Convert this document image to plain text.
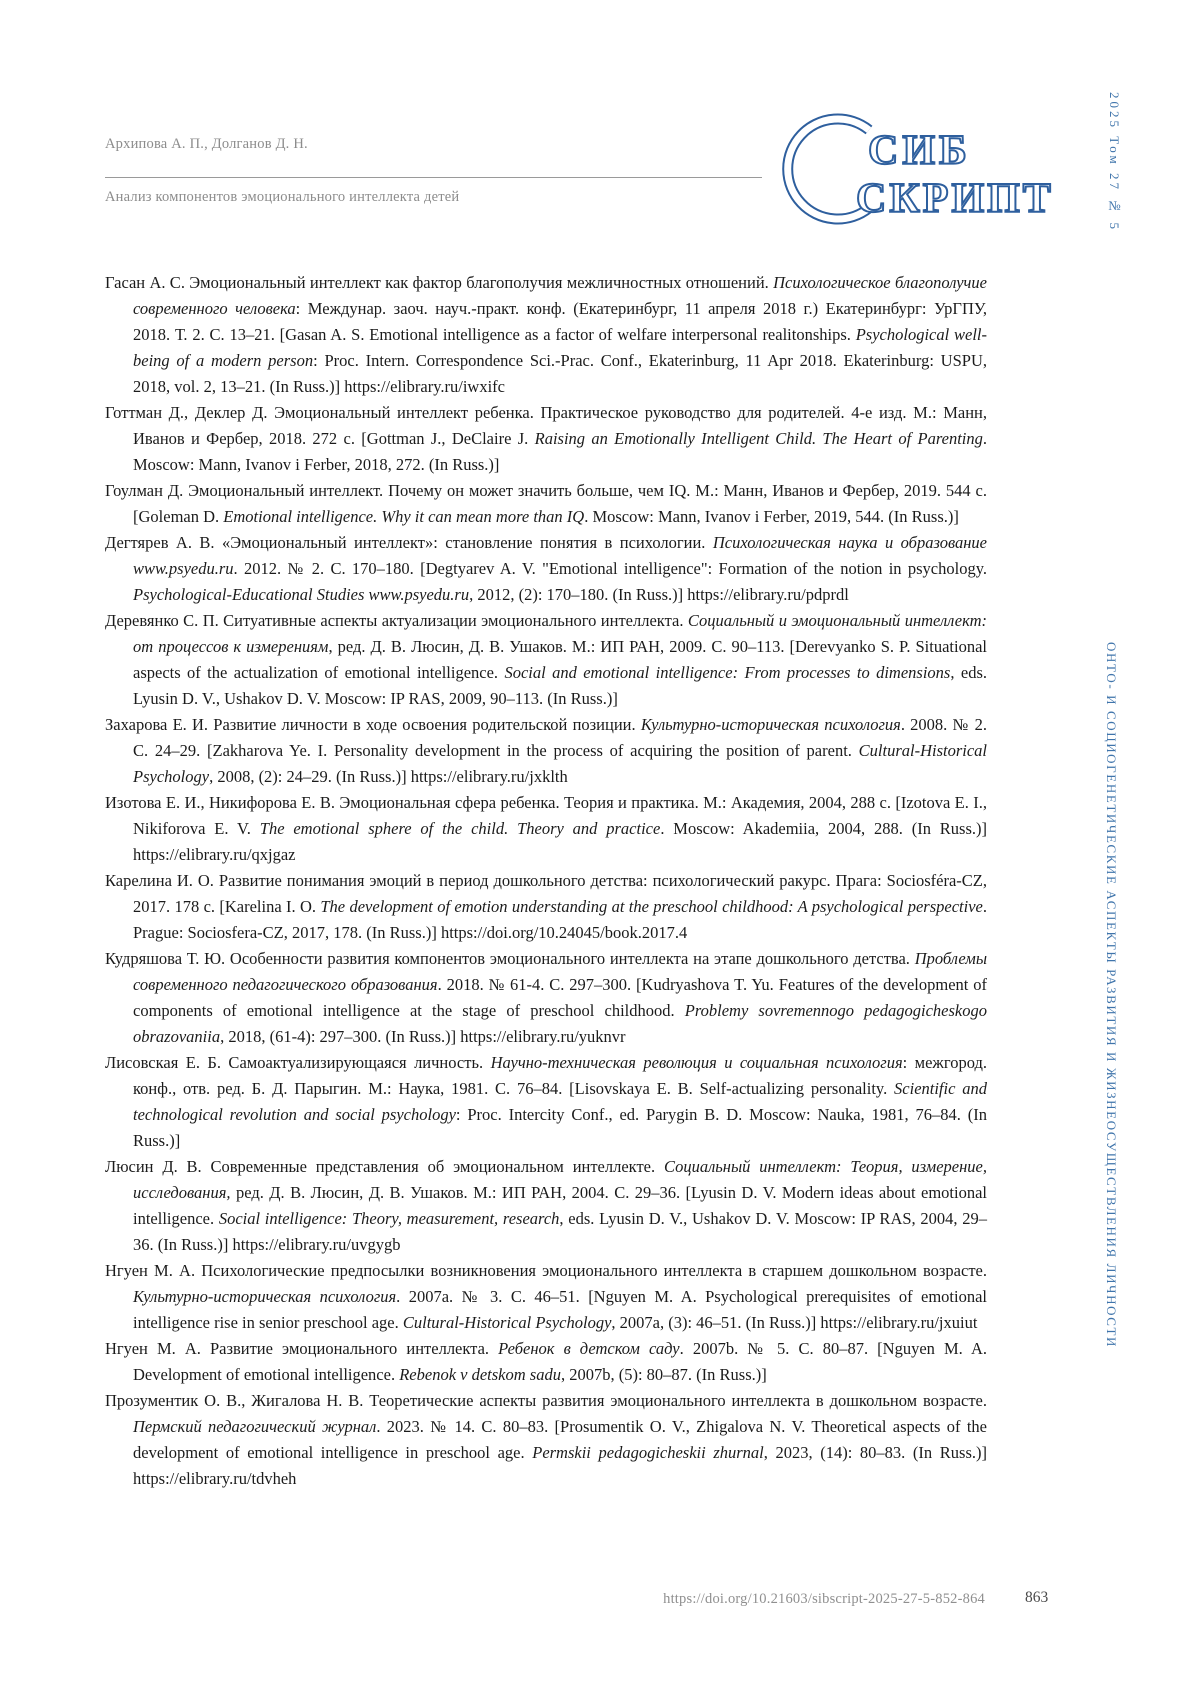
Архипова А. П., Долганов Д. Н.
Анализ компонентов эмоционального интеллекта детей
СИБ
СКРИПТ	2025 Том 27 № 5
ОНТО- И СОЦИОГЕНЕТИЧЕСКИЕ АСПЕКТЫ РАЗВИТИЯ И ЖИЗНЕОСУЩЕСТВЛЕНИЯ ЛИЧНОСТИ

Гасан А. С. Эмоциональный интеллект как фактор благополучия межличностных отношений. Психологическое благополучие современного человека: Междунар. заоч. науч.-практ. конф. (Екатеринбург, 11 апреля 2018 г.) Екатеринбург: УрГПУ, 2018. Т. 2. С. 13–21. [Gasan A. S. Emotional intelligence as a factor of welfare interpersonal realitonships. Psychological well-being of a modern person: Proc. Intern. Correspondence Sci.-Prac. Conf., Ekaterinburg, 11 Apr 2018. Ekaterinburg: USPU, 2018, vol. 2, 13–21. (In Russ.)] https://elibrary.ru/iwxifc

Готтман Д., Деклер Д. Эмоциональный интеллект ребенка. Практическое руководство для родителей. 4-е изд. М.: Манн, Иванов и Фербер, 2018. 272 с. [Gottman J., DeClaire J. Raising an Emotionally Intelligent Child. The Heart of Parenting. Moscow: Mann, Ivanov i Ferber, 2018, 272. (In Russ.)]

Гоулман Д. Эмоциональный интеллект. Почему он может значить больше, чем IQ. М.: Манн, Иванов и Фербер, 2019. 544 с. [Goleman D. Emotional intelligence. Why it can mean more than IQ. Moscow: Mann, Ivanov i Ferber, 2019, 544. (In Russ.)]

Дегтярев А. В. «Эмоциональный интеллект»: становление понятия в психологии. Психологическая наука и образование www.psyedu.ru. 2012. № 2. С. 170–180. [Degtyarev A. V. "Emotional intelligence": Formation of the notion in psychology. Psychological-Educational Studies www.psyedu.ru, 2012, (2): 170–180. (In Russ.)] https://elibrary.ru/pdprdl

Деревянко С. П. Ситуативные аспекты актуализации эмоционального интеллекта. Социальный и эмоциональный интеллект: от процессов к измерениям, ред. Д. В. Люсин, Д. В. Ушаков. М.: ИП РАН, 2009. С. 90–113. [Derevyanko S. P. Situational aspects of the actualization of emotional intelligence. Social and emotional intelligence: From processes to dimensions, eds. Lyusin D. V., Ushakov D. V. Moscow: IP RAS, 2009, 90–113. (In Russ.)]

Захарова Е. И. Развитие личности в ходе освоения родительской позиции. Культурно-историческая психология. 2008. № 2. С. 24–29. [Zakharova Ye. I. Personality development in the process of acquiring the position of parent. Cultural-Historical Psychology, 2008, (2): 24–29. (In Russ.)] https://elibrary.ru/jxklth

Изотова Е. И., Никифорова Е. В. Эмоциональная сфера ребенка. Теория и практика. М.: Академия, 2004, 288 с. [Izotova E. I., Nikiforova E. V. The emotional sphere of the child. Theory and practice. Moscow: Akademiia, 2004, 288. (In Russ.)] https://elibrary.ru/qxjgaz

Карелина И. О. Развитие понимания эмоций в период дошкольного детства: психологический ракурс. Прага: Sociosféra-CZ, 2017. 178 с. [Karelina I. O. The development of emotion understanding at the preschool childhood: A psychological perspective. Prague: Sociosfera-CZ, 2017, 178. (In Russ.)] https://doi.org/10.24045/book.2017.4

Кудряшова Т. Ю. Особенности развития компонентов эмоционального интеллекта на этапе дошкольного детства. Проблемы современного педагогического образования. 2018. № 61-4. С. 297–300. [Kudryashova T. Yu. Features of the development of components of emotional intelligence at the stage of preschool childhood. Problemy sovremennogo pedagogicheskogo obrazovaniia, 2018, (61-4): 297–300. (In Russ.)] https://elibrary.ru/yuknvr

Лисовская Е. Б. Самоактуализирующаяся личность. Научно-техническая революция и социальная психология: межгород. конф., отв. ред. Б. Д. Парыгин. М.: Наука, 1981. С. 76–84. [Lisovskaya E. B. Self-actualizing personality. Scientific and technological revolution and social psychology: Proc. Intercity Conf., ed. Parygin B. D. Moscow: Nauka, 1981, 76–84. (In Russ.)]

Люсин Д. В. Современные представления об эмоциональном интеллекте. Социальный интеллект: Теория, измерение, исследования, ред. Д. В. Люсин, Д. В. Ушаков. М.: ИП РАН, 2004. С. 29–36. [Lyusin D. V. Modern ideas about emotional intelligence. Social intelligence: Theory, measurement, research, eds. Lyusin D. V., Ushakov D. V. Moscow: IP RAS, 2004, 29–36. (In Russ.)] https://elibrary.ru/uvgygb

Нгуен М. А. Психологические предпосылки возникновения эмоционального интеллекта в старшем дошкольном возрасте. Культурно-историческая психология. 2007a. № 3. С. 46–51. [Nguyen M. A. Psychological prerequisites of emotional intelligence rise in senior preschool age. Cultural-Historical Psychology, 2007a, (3): 46–51. (In Russ.)] https://elibrary.ru/jxuiut

Нгуен М. А. Развитие эмоционального интеллекта. Ребенок в детском саду. 2007b. № 5. С. 80–87. [Nguyen M. A. Development of emotional intelligence. Rebenok v detskom sadu, 2007b, (5): 80–87. (In Russ.)]

Прозументик О. В., Жигалова Н. В. Теоретические аспекты развития эмоционального интеллекта в дошкольном возрасте. Пермский педагогический журнал. 2023. № 14. С. 80–83. [Prosumentik O. V., Zhigalova N. V. Theoretical aspects of the development of emotional intelligence in preschool age. Permskii pedagogicheskii zhurnal, 2023, (14): 80–83. (In Russ.)] https://elibrary.ru/tdvheh

https://doi.org/10.21603/sibscript-2025-27-5-852-864	863
